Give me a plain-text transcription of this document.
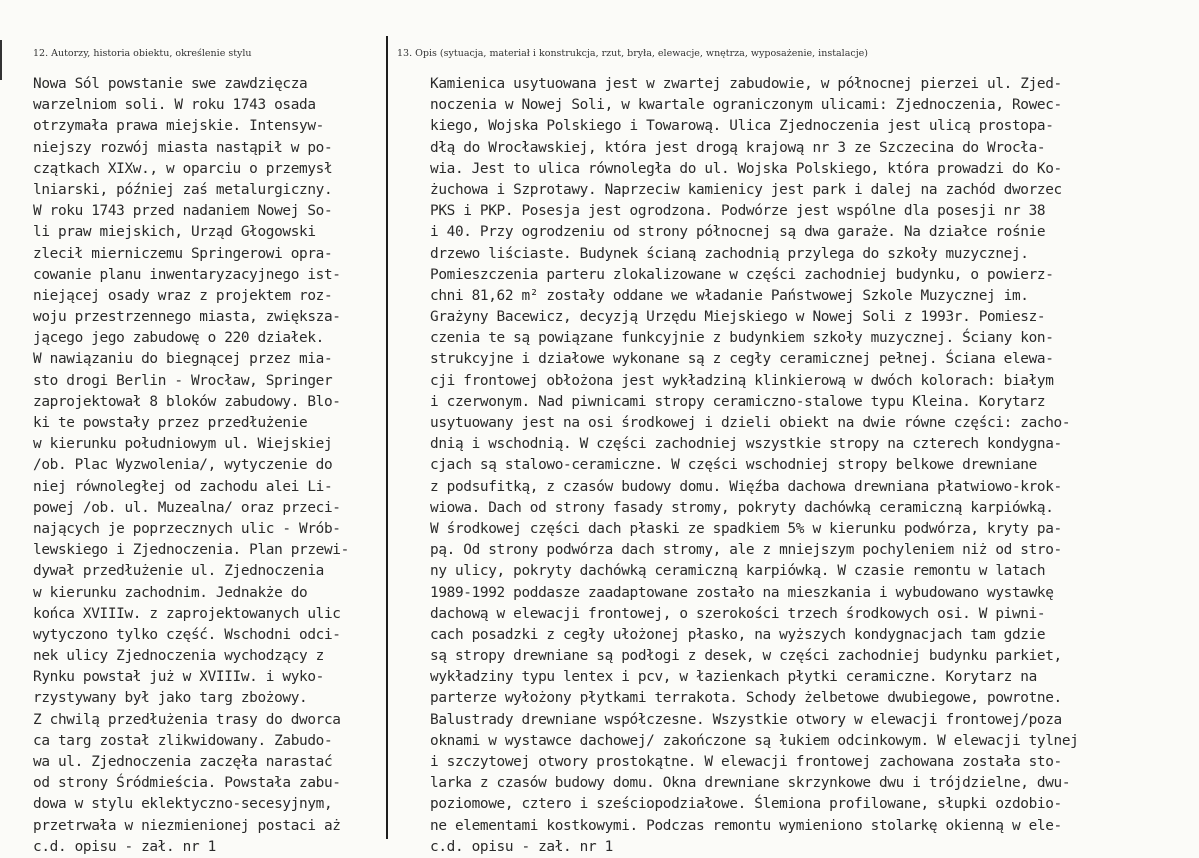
12. Autorzy, historia obiektu, określenie stylu	13. Opis (sytuacja, materiał i konstrukcja, rzut, bryła, elewacje, wnętrza, wyposażenie, instalacje)
Nowa Sól powstanie swe zawdzięcza
warzelniom soli. W roku 1743 osada
otrzymała prawa miejskie. Intensyw-
niejszy rozwój miasta nastąpił w po-
czątkach XIXw., w oparciu o przemysł
lniarski, później zaś metalurgiczny.
W roku 1743 przed nadaniem Nowej So-
li praw miejskich, Urząd Głogowski
zlecił mierniczemu Springerowi opra-
cowanie planu inwentaryzacyjnego ist-
niejącej osady wraz z projektem roz-
woju przestrzennego miasta, zwiększa-
jącego jego zabudowę o 220 działek.
W nawiązaniu do biegnącej przez mia-
sto drogi Berlin - Wrocław, Springer
zaprojektował 8 bloków zabudowy. Blo-
ki te powstały przez przedłużenie
w kierunku południowym ul. Wiejskiej
/ob. Plac Wyzwolenia/, wytyczenie do
niej równoległej od zachodu alei Li-
powej /ob. ul. Muzealna/ oraz przeci-
nających je poprzecznych ulic - Wrób-
lewskiego i Zjednoczenia. Plan przewi-
dywał przedłużenie ul. Zjednoczenia
w kierunku zachodnim. Jednakże do
końca XVIIIw. z zaprojektowanych ulic
wytyczono tylko część. Wschodni odci-
nek ulicy Zjednoczenia wychodzący z
Rynku powstał już w XVIIIw. i wyko-
rzystywany był jako targ zbożowy.
Z chwilą przedłużenia trasy do dworca
ca targ został zlikwidowany. Zabudo-
wa ul. Zjednoczenia zaczęła narastać
od strony Śródmieścia. Powstała zabu-
dowa w stylu eklektyczno-secesyjnym,
przetrwała w niezmienionej postaci aż
c.d. opisu - zał. nr 1
Kamienica usytuowana jest w zwartej zabudowie, w północnej pierzei ul. Zjed-
noczenia w Nowej Soli, w kwartale ograniczonym ulicami: Zjednoczenia, Rowec-
kiego, Wojska Polskiego i Towarową. Ulica Zjednoczenia jest ulicą prostopa-
dłą do Wrocławskiej, która jest drogą krajową nr 3 ze Szczecina do Wrocła-
wia. Jest to ulica równoległa do ul. Wojska Polskiego, która prowadzi do Ko-
żuchowa i Szprotawy. Naprzeciw kamienicy jest park i dalej na zachód dworzec
PKS i PKP. Posesja jest ogrodzona. Podwórze jest wspólne dla posesji nr 38
i 40. Przy ogrodzeniu od strony północnej są dwa garaże. Na działce rośnie
drzewo liściaste. Budynek ścianą zachodnią przylega do szkoły muzycznej.
Pomieszczenia parteru zlokalizowane w części zachodniej budynku, o powierz-
chni 81,62 m² zostały oddane we władanie Państwowej Szkole Muzycznej im.
Grażyny Bacewicz, decyzją Urzędu Miejskiego w Nowej Soli z 1993r. Pomiesz-
czenia te są powiązane funkcyjnie z budynkiem szkoły muzycznej. Ściany kon-
strukcyjne i działowe wykonane są z cegły ceramicznej pełnej. Ściana elewa-
cji frontowej obłożona jest wykładziną klinkierową w dwóch kolorach: białym
i czerwonym. Nad piwnicami stropy ceramiczno-stalowe typu Kleina. Korytarz
usytuowany jest na osi środkowej i dzieli obiekt na dwie równe części: zacho-
dnią i wschodnią. W części zachodniej wszystkie stropy na czterech kondygna-
cjach są stalowo-ceramiczne. W części wschodniej stropy belkowe drewniane
z podsufitką, z czasów budowy domu. Więźba dachowa drewniana płatwiowo-krok-
wiowa. Dach od strony fasady stromy, pokryty dachówką ceramiczną karpiówką.
W środkowej części dach płaski ze spadkiem 5% w kierunku podwórza, kryty pa-
pą. Od strony podwórza dach stromy, ale z mniejszym pochyleniem niż od stro-
ny ulicy, pokryty dachówką ceramiczną karpiówką. W czasie remontu w latach
1989-1992 poddasze zaadaptowane zostało na mieszkania i wybudowano wystawkę
dachową w elewacji frontowej, o szerokości trzech środkowych osi. W piwni-
cach posadzki z cegły ułożonej płasko, na wyższych kondygnacjach tam gdzie
są stropy drewniane są podłogi z desek, w części zachodniej budynku parkiet,
wykładziny typu lentex i pcv, w łazienkach płytki ceramiczne. Korytarz na
parterze wyłożony płytkami terrakota. Schody żelbetowe dwubiegowe, powrotne.
Balustrady drewniane współczesne. Wszystkie otwory w elewacji frontowej/poza
oknami w wystawce dachowej/ zakończone są łukiem odcinkowym. W elewacji tylnej
i szczytowej otwory prostokątne. W elewacji frontowej zachowana została sto-
larka z czasów budowy domu. Okna drewniane skrzynkowe dwu i trójdzielne, dwu-
poziomowe, cztero i sześciopodziałowe. Ślemiona profilowane, słupki ozdobio-
ne elementami kostkowymi. Podczas remontu wymieniono stolarkę okienną w ele-
c.d. opisu - zał. nr 1
